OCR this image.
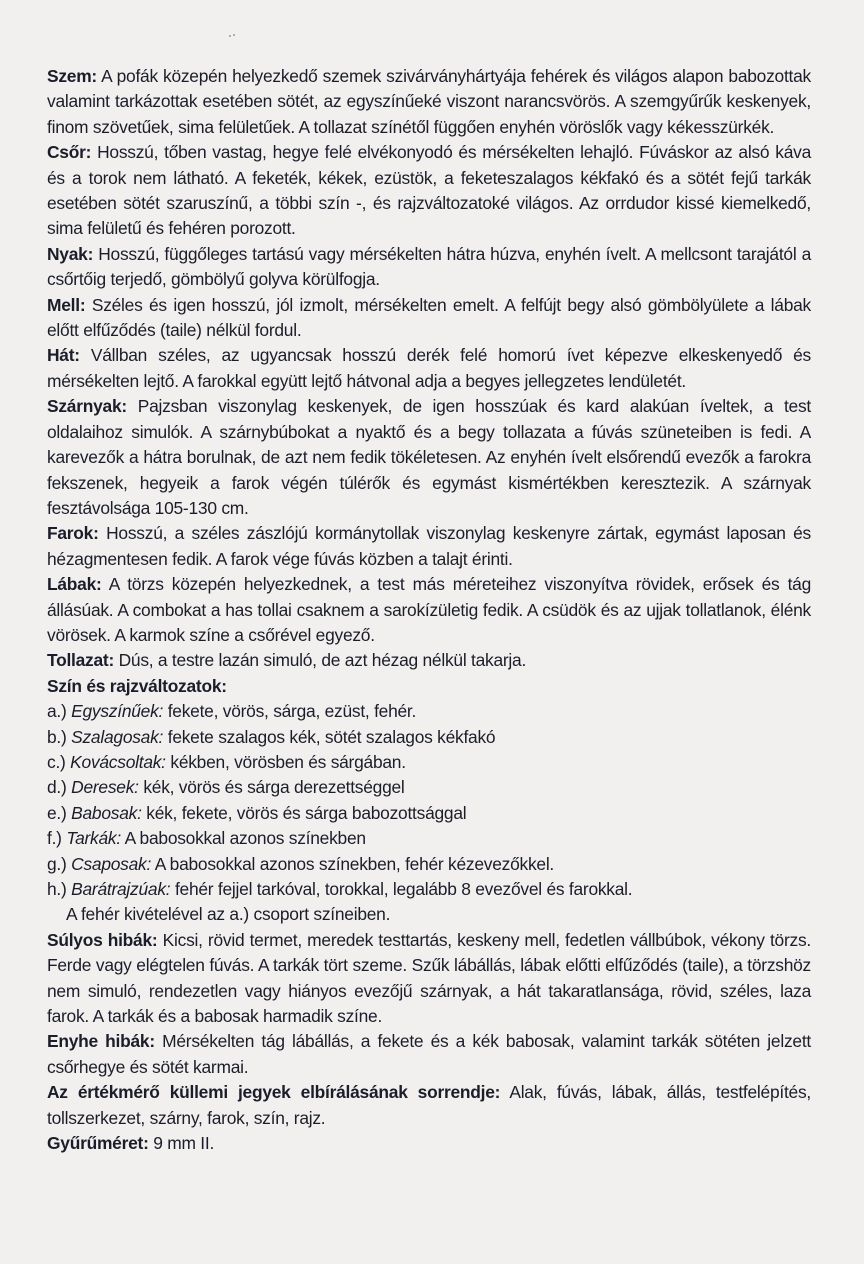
Szem: A pofák közepén helyezkedő szemek szivárványhártyája fehérek és világos alapon babozottak valamint tarkázottak esetében sötét, az egyszínűeké viszont narancsvörös. A szemgyűrűk keskenyek, finom szövetűek, sima felületűek. A tollazat színétől függően enyhén vöröslők vagy kékesszürkék.

Csőr: Hosszú, tőben vastag, hegye felé elvékonyodó és mérsékelten lehajló. Fúváskor az alsó káva és a torok nem látható. A feketék, kékek, ezüstök, a feketeszalagos kékfakó és a sötét fejű tarkák esetében sötét szaruszínű, a többi szín -, és rajzváltozatoké világos. Az orrdudor kissé kiemelkedő, sima felületű és fehéren porozott.

Nyak: Hosszú, függőleges tartású vagy mérsékelten hátra húzva, enyhén ívelt. A mellcsont tarajától a csőrtőig terjedő, gömbölyű golyva körülfogja.

Mell: Széles és igen hosszú, jól izmolt, mérsékelten emelt. A felfújt begy alsó gömbölyülete a lábak előtt elfűződés (taile) nélkül fordul.

Hát: Vállban széles, az ugyancsak hosszú derék felé homorú ívet képezve elkeskenyedő és mérsékelten lejtő. A farokkal együtt lejtő hátvonal adja a begyes jellegzetes lendületét.

Szárnyak: Pajzsban viszonylag keskenyek, de igen hosszúak és kard alakúan íveltek, a test oldalaihoz simulók. A szárnybúbokat a nyaktő és a begy tollazata a fúvás szüneteiben is fedi. A karevezők a hátra borulnak, de azt nem fedik tökéletesen. Az enyhén ívelt elsőrendű evezők a farokra fekszenek, hegyeik a farok végén túlérők és egymást kismértékben keresztezik. A szárnyak fesztávolsága 105-130 cm.

Farok: Hosszú, a széles zászlójú kormánytollak viszonylag keskenyre zártak, egymást laposan és hézagmentesen fedik. A farok vége fúvás közben a talajt érinti.

Lábak: A törzs közepén helyezkednek, a test más méreteihez viszonyítva rövidek, erősek és tág állásúak. A combokat a has tollai csaknem a sarokízületig fedik. A csüdök és az ujjak tollatlanok, élénk vörösek. A karmok színe a csőrével egyező.

Tollazat: Dús, a testre lazán simuló, de azt hézag nélkül takarja.

Szín és rajzváltozatok:

a.) Egyszínűek: fekete, vörös, sárga, ezüst, fehér.

b.) Szalagosak: fekete szalagos kék, sötét szalagos kékfakó

c.) Kovácsoltak: kékben, vörösben és sárgában.

d.) Deresek: kék, vörös és sárga derezettséggel

e.) Babosak: kék, fekete, vörös és sárga babozottsággal

f.) Tarkák: A babosokkal azonos színekben

g.) Csaposak: A babosokkal azonos színekben, fehér kézevezőkkel.

h.) Barátrajzúak: fehér fejjel tarkóval, torokkal, legalább 8 evezővel és farokkal.
A fehér kivételével az a.) csoport színeiben.

Súlyos hibák: Kicsi, rövid termet, meredek testtartás, keskeny mell, fedetlen vállbúbok, vékony törzs. Ferde vagy elégtelen fúvás. A tarkák tört szeme. Szűk lábállás, lábak előtti elfűződés (taile), a törzshöz nem simuló, rendezetlen vagy hiányos evezőjű szárnyak, a hát takaratlansága, rövid, széles, laza farok. A tarkák és a babosak harmadik színe.

Enyhe hibák: Mérsékelten tág lábállás, a fekete és a kék babosak, valamint tarkák sötéten jelzett csőrhegye és sötét karmai.

Az értékmérő küllemi jegyek elbírálásának sorrendje: Alak, fúvás, lábak, állás, testfelépítés, tollszerkezet, szárny, farok, szín, rajz.

Gyűrűméret: 9 mm II.
